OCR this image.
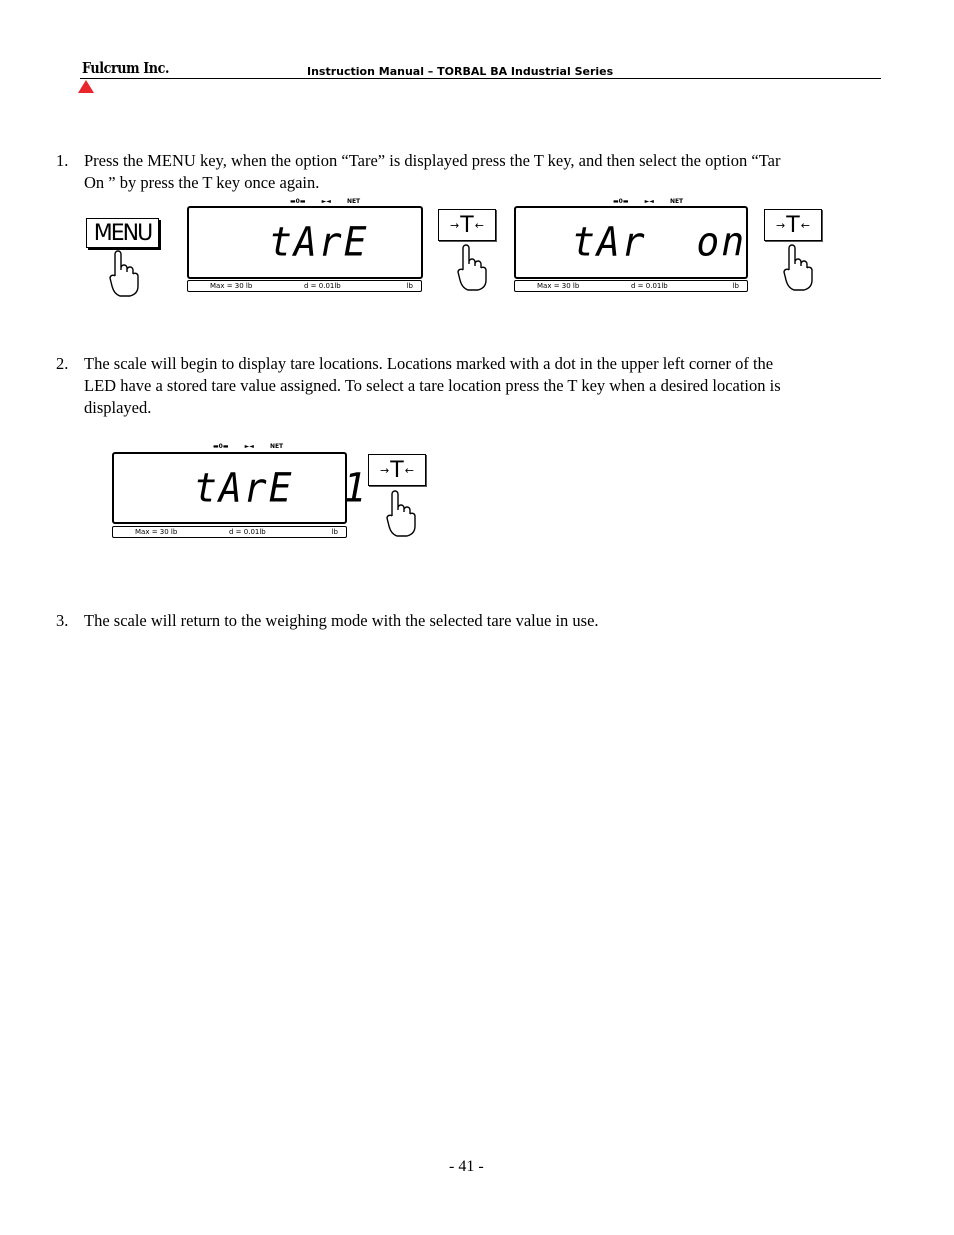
Fulcrum Inc.	Instruction Manual – TORBAL BA Industrial Series
1. Press the MENU key, when the option “Tare” is displayed press the T key, and then select the option “Tar
On ” by press the T key once again.
MENU
▬0▬	►◄	NET
tArE
Max = 30 lb	d = 0.01lb	lb
→ T ←
▬0▬	►◄	NET
tAr  on
Max = 30 lb	d = 0.01lb	lb
→ T ←
2. The scale will begin to display tare locations. Locations marked with a dot in the upper left corner of the
LED have a stored tare value assigned. To select a tare location press the T key when a desired location is
displayed.
▬0▬	►◄	NET
tArE  1
Max = 30 lb	d = 0.01lb	lb
→ T ←
3. The scale will return to the weighing mode with the selected tare value in use.
- 41 -
